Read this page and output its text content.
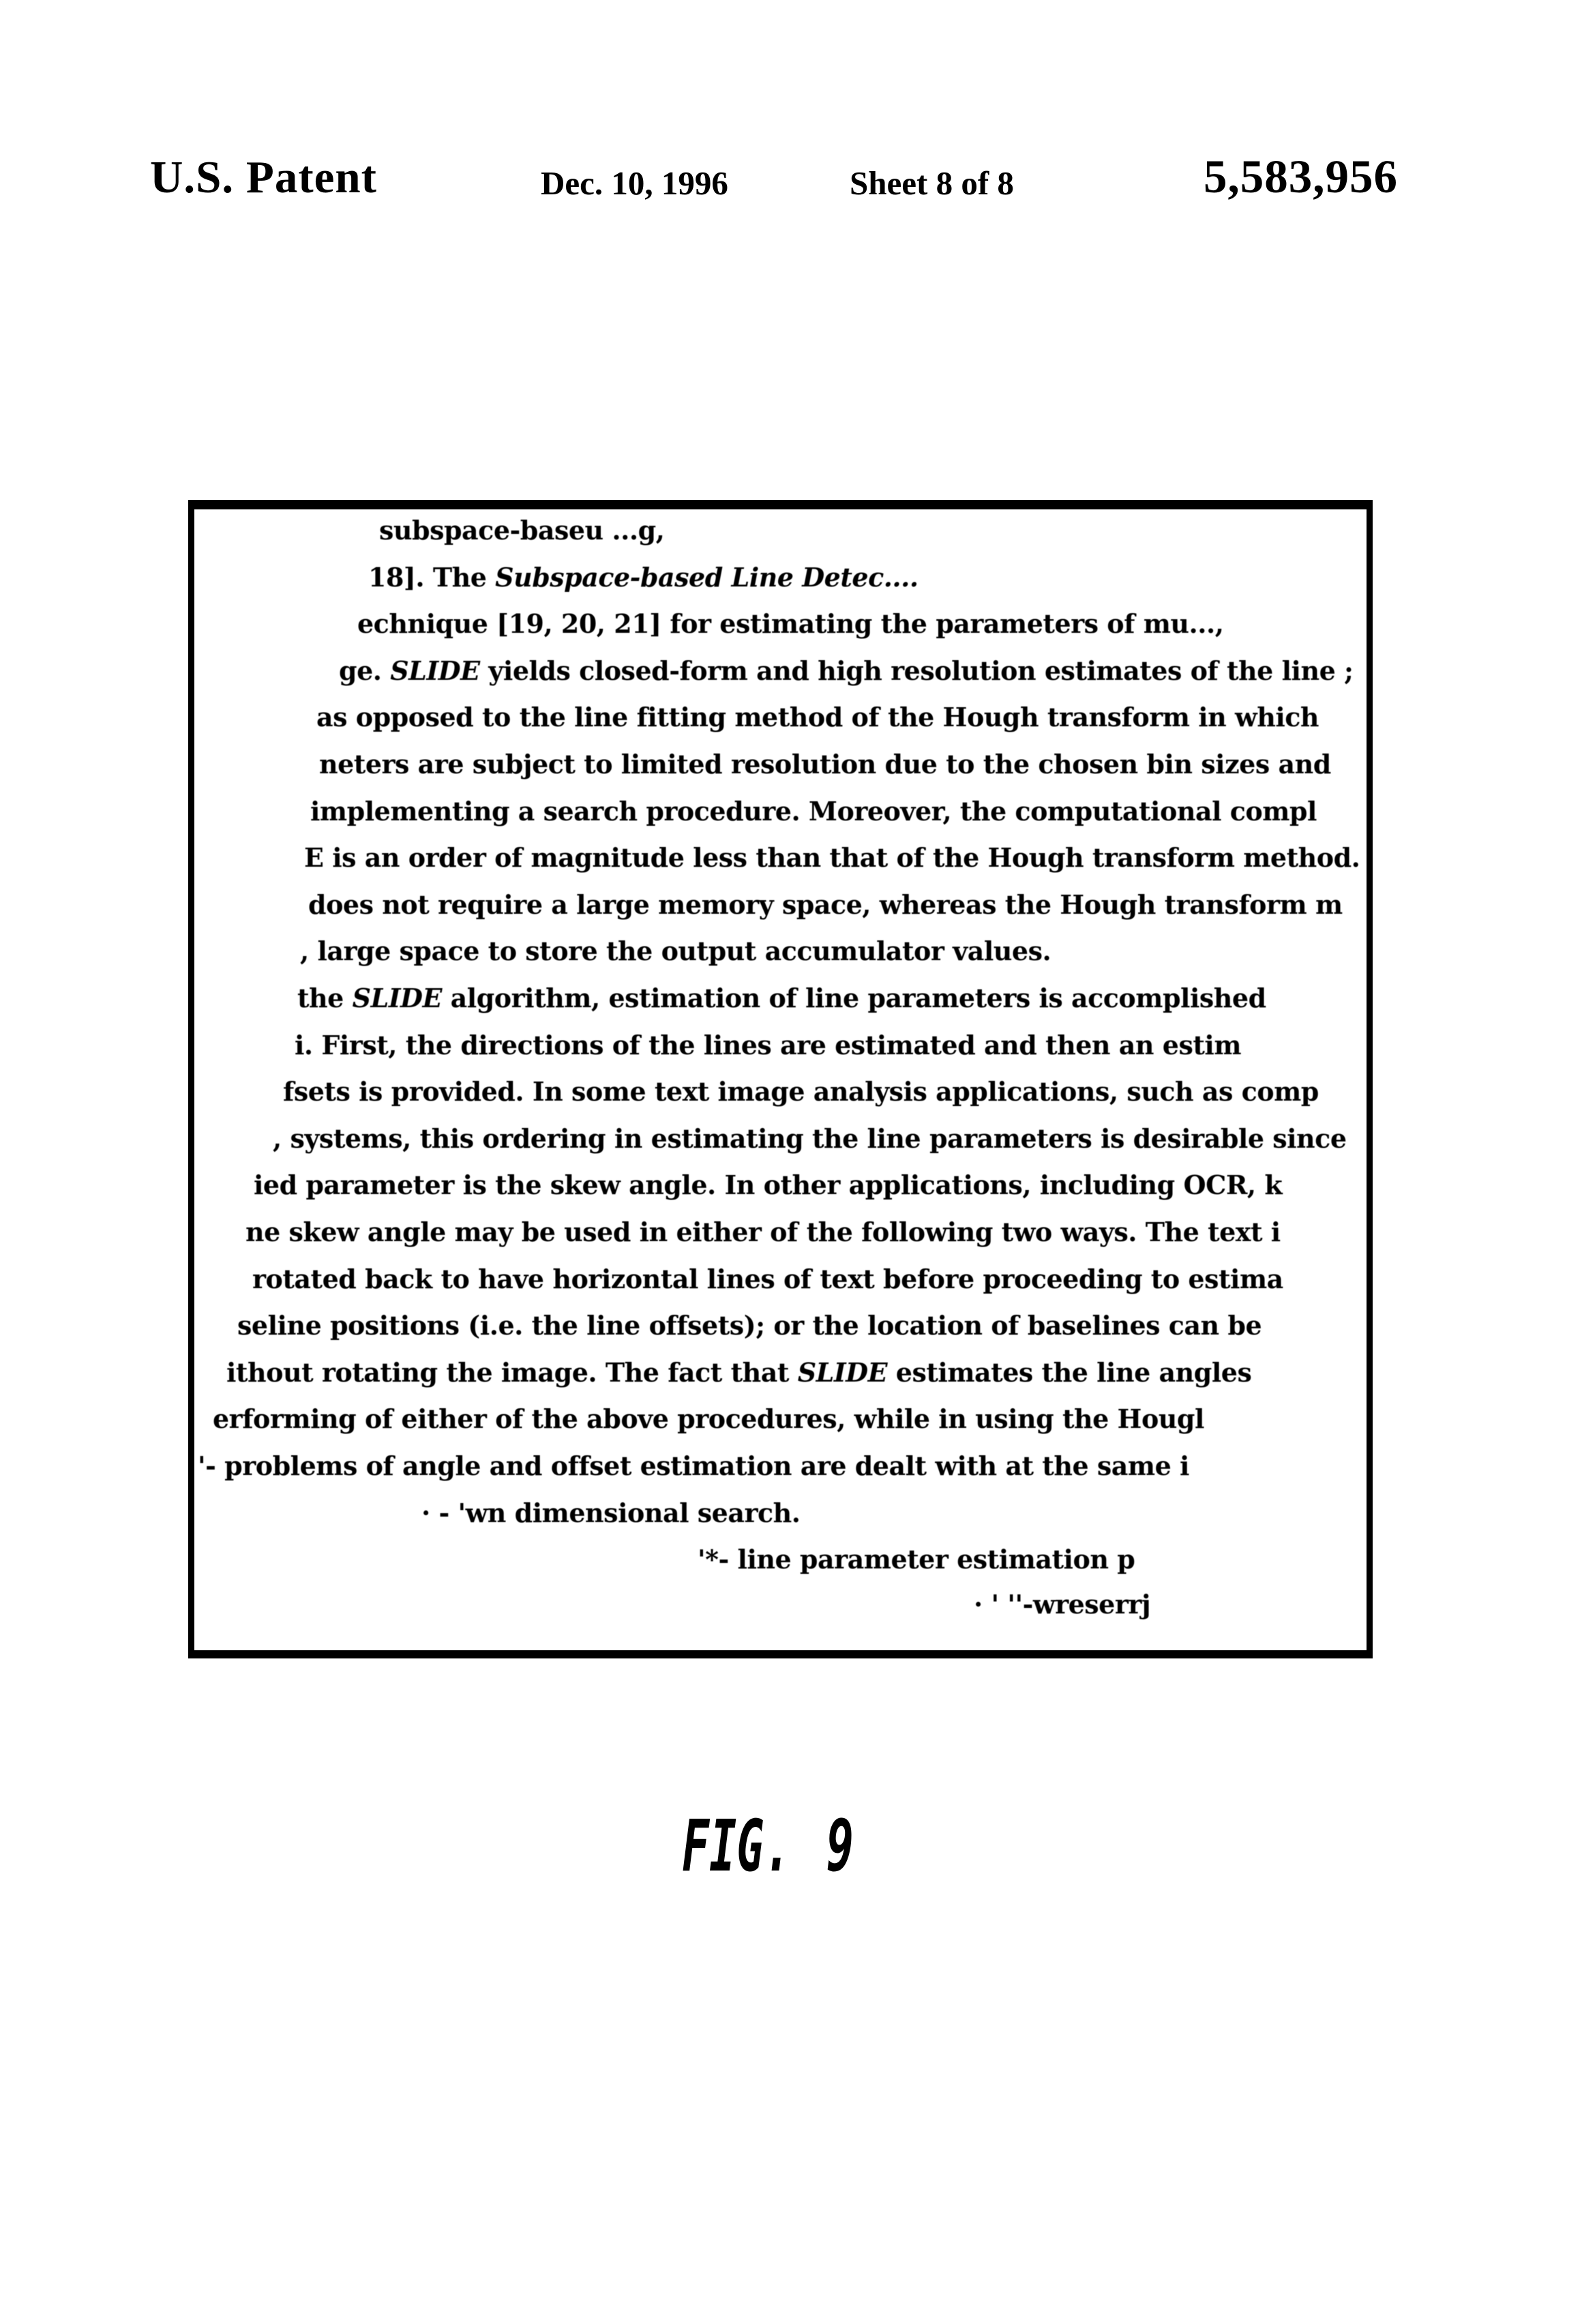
U.S. Patent	Dec. 10, 1996	Sheet 8 of 8	5,583,956
subspace-baseu ...g,
18]. The Subspace-based Line Detec....
echnique [19, 20, 21] for estimating the parameters of mu...,
ge. SLIDE yields closed-form and high resolution estimates of the line ;
as opposed to the line fitting method of the Hough transform in which
neters are subject to limited resolution due to the chosen bin sizes and
implementing a search procedure. Moreover, the computational compl
E is an order of magnitude less than that of the Hough transform method.
does not require a large memory space, whereas the Hough transform m
, large space to store the output accumulator values.
the SLIDE algorithm, estimation of line parameters is accomplished
i. First, the directions of the lines are estimated and then an estim
fsets is provided. In some text image analysis applications, such as comp
, systems, this ordering in estimating the line parameters is desirable since
ied parameter is the skew angle. In other applications, including OCR, k
ne skew angle may be used in either of the following two ways. The text i
rotated back to have horizontal lines of text before proceeding to estima
seline positions (i.e. the line offsets); or the location of baselines can be
ithout rotating the image. The fact that SLIDE estimates the line angles
erforming of either of the above procedures, while in using the Hougl
'- problems of angle and offset estimation are dealt with at the same i
· - 'wn dimensional search.
'*- line parameter estimation p
· ' ''-wreserrj
FIG. 9
